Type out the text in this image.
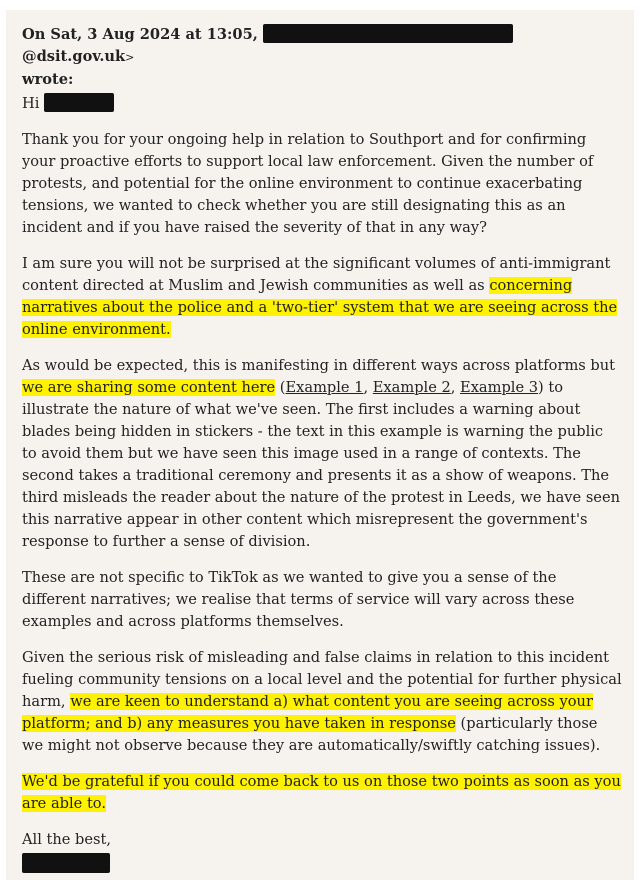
On Sat, 3 Aug 2024 at 13:05,  @dsit.gov.uk>
wrote:
Hi

Thank you for your ongoing help in relation to Southport and for confirming your proactive efforts to support local law enforcement. Given the number of protests, and potential for the online environment to continue exacerbating tensions, we wanted to check whether you are still designating this as an incident and if you have raised the severity of that in any way?

I am sure you will not be surprised at the significant volumes of anti-immigrant content directed at Muslim and Jewish communities as well as concerning narratives about the police and a 'two-tier' system that we are seeing across the online environment.

As would be expected, this is manifesting in different ways across platforms but we are sharing some content here (Example 1, Example 2, Example 3) to illustrate the nature of what we've seen. The first includes a warning about blades being hidden in stickers - the text in this example is warning the public to avoid them but we have seen this image used in a range of contexts. The second takes a traditional ceremony and presents it as a show of weapons. The third misleads the reader about the nature of the protest in Leeds, we have seen this narrative appear in other content which misrepresent the government's response to further a sense of division.

These are not specific to TikTok as we wanted to give you a sense of the different narratives; we realise that terms of service will vary across these examples and across platforms themselves.

Given the serious risk of misleading and false claims in relation to this incident fueling community tensions on a local level and the potential for further physical harm, we are keen to understand a) what content you are seeing across your platform; and b) any measures you have taken in response (particularly those we might not observe because they are automatically/swiftly catching issues).

We'd be grateful if you could come back to us on those two points as soon as you are able to.

All the best,
